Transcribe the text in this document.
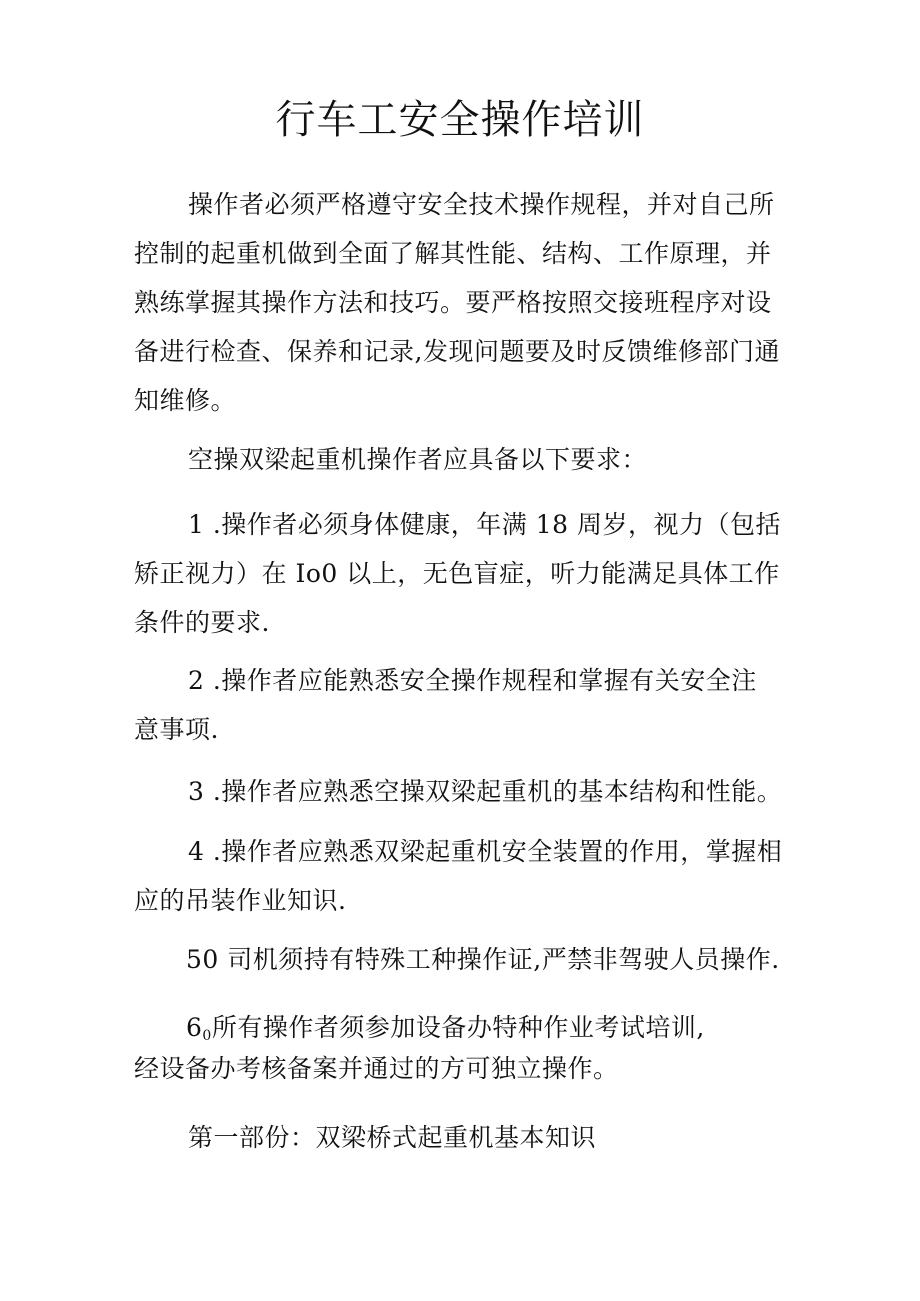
行车工安全操作培训
操作者必须严格遵守安全技术操作规程，并对自己所
控制的起重机做到全面了解其性能、结构、工作原理，并
熟练掌握其操作方法和技巧。要严格按照交接班程序对设
备进行检查、保养和记录,发现问题要及时反馈维修部门通
知维修。
空操双梁起重机操作者应具备以下要求：
1 .操作者必须身体健康，年满 18 周岁，视力（包括
矫正视力）在 Io0 以上，无色盲症，听力能满足具体工作
条件的要求.
2 .操作者应能熟悉安全操作规程和掌握有关安全注
意事项.
3 .操作者应熟悉空操双梁起重机的基本结构和性能。
4 .操作者应熟悉双梁起重机安全装置的作用，掌握相
应的吊装作业知识.
50 司机须持有特殊工种操作证,严禁非驾驶人员操作.
$6_0$所有操作者须参加设备办特种作业考试培训,
经设备办考核备案并通过的方可独立操作。
第一部份：双梁桥式起重机基本知识
